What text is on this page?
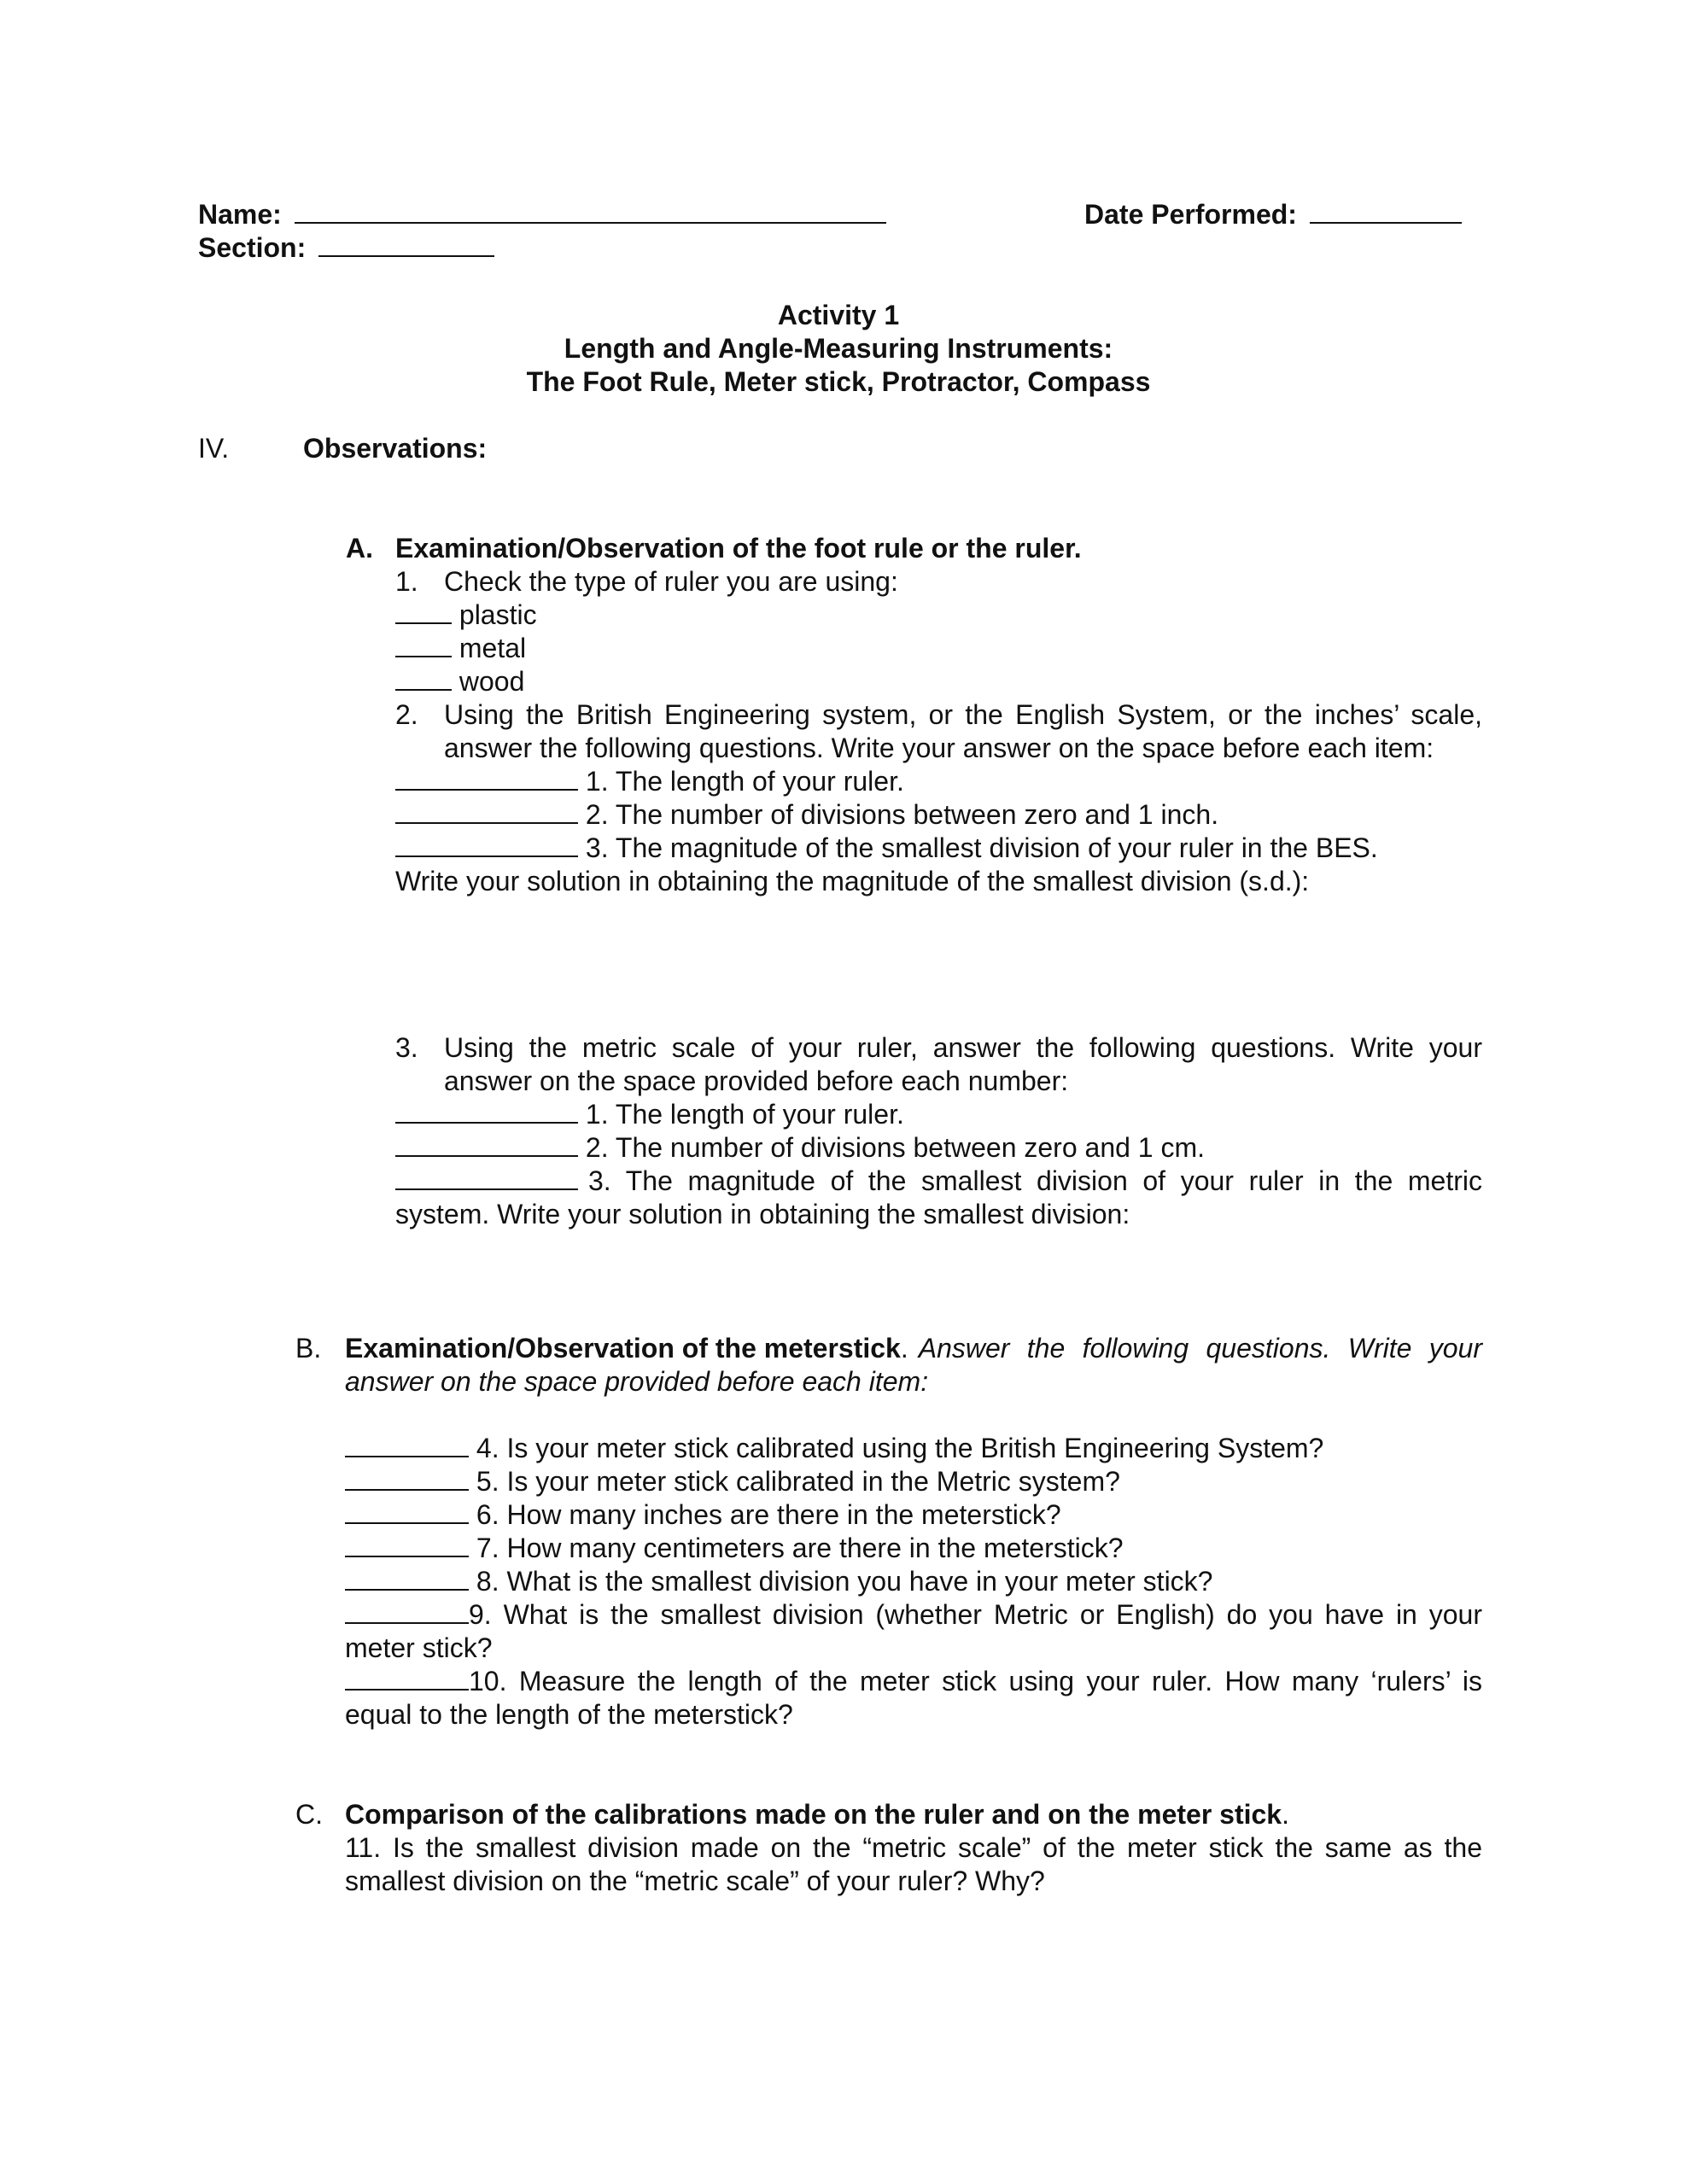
Name:	Date Performed:
Section:
Activity 1
Length and Angle-Measuring Instruments:
The Foot Rule, Meter stick, Protractor, Compass
IV.	Observations:
A. Examination/Observation of the foot rule or the ruler.
1. Check the type of ruler you are using:
plastic
metal
wood
2. Using the British Engineering system, or the English System, or the inches’ scale,
answer the following questions. Write your answer on the space before each item:
1. The length of your ruler.
2. The number of divisions between zero and 1 inch.
3. The magnitude of the smallest division of your ruler in the BES.
Write your solution in obtaining the magnitude of the smallest division (s.d.):
3. Using the metric scale of your ruler, answer the following questions. Write your
answer on the space provided before each number:
1. The length of your ruler.
2. The number of divisions between zero and 1 cm.
3. The magnitude of the smallest division of your ruler in the metric
system. Write your solution in obtaining the smallest division:
B. Examination/Observation of the meterstick . Answer the following questions. Write your
answer on the space provided before each item:
4. Is your meter stick calibrated using the British Engineering System?
5. Is your meter stick calibrated in the Metric system?
6. How many inches are there in the meterstick?
7. How many centimeters are there in the meterstick?
8. What is the smallest division you have in your meter stick?
9. What is the smallest division (whether Metric or English) do you have in your
meter stick?
10. Measure the length of the meter stick using your ruler. How many ‘rulers’ is
equal to the length of the meterstick?
C. Comparison of the calibrations made on the ruler and on the meter stick.
11. Is the smallest division made on the “metric scale” of the meter stick the same as the
smallest division on the “metric scale” of your ruler? Why?
